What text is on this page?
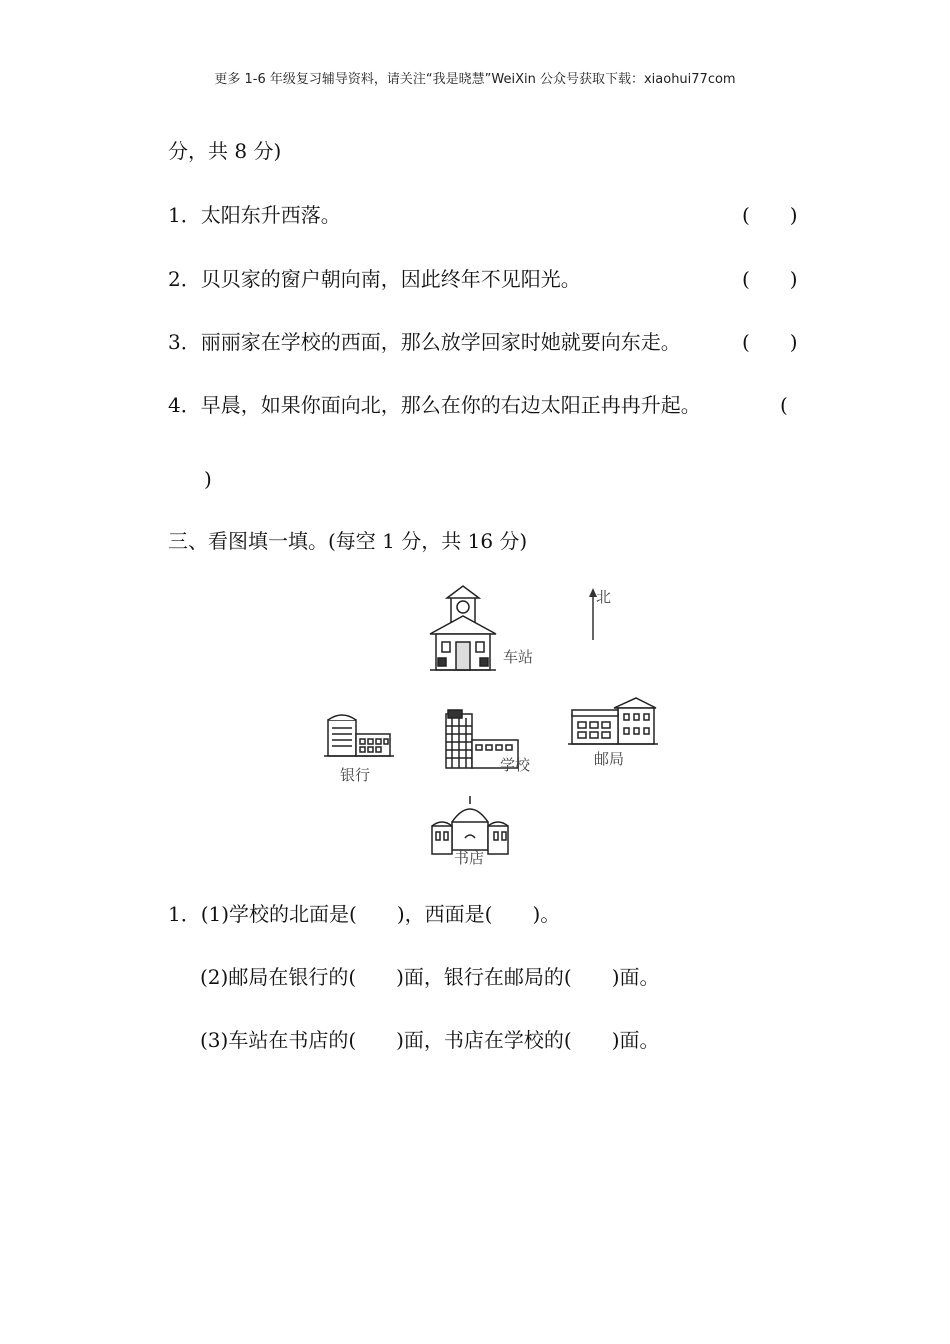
更多 1-6 年级复习辅导资料，请关注“我是晓慧”WeiXin 公众号获取下载：xiaohui77com
分，共 8 分)
1．太阳东升西落。	(　　)
2．贝贝家的窗户朝向南，因此终年不见阳光。	(　　)
3．丽丽家在学校的西面，那么放学回家时她就要向东走。	(　　)
4．早晨，如果你面向北，那么在你的右边太阳正冉冉升起。	(
)
三、看图填一填。(每空 1 分，共 16 分)
北
车站
银行
学校	邮局
书店
1．(1)学校的北面是(　　)，西面是(　　)。
(2)邮局在银行的(　　)面，银行在邮局的(　　)面。
(3)车站在书店的(　　)面，书店在学校的(　　)面。
